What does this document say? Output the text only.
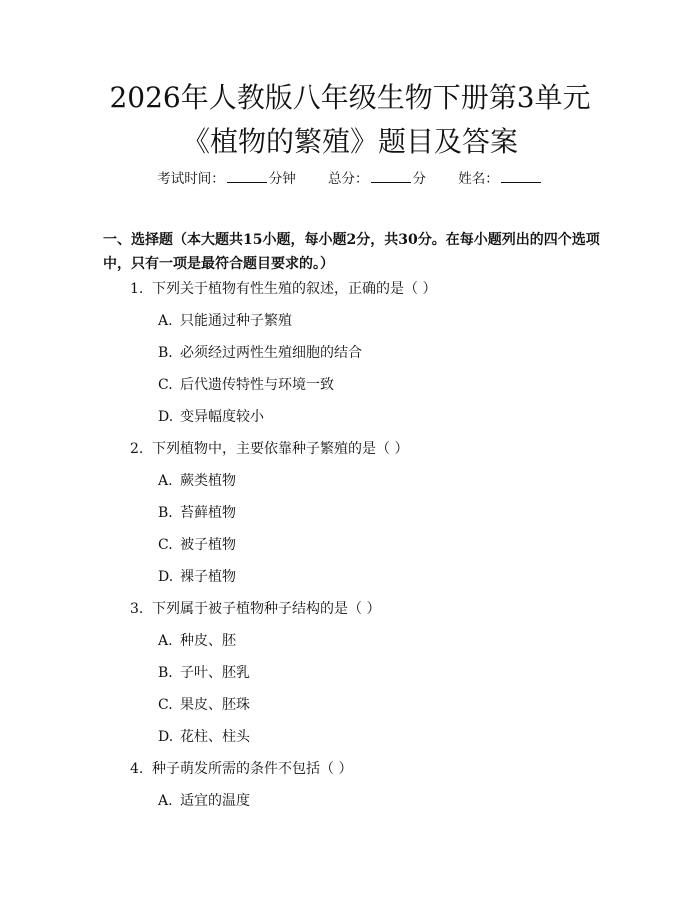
2026年人教版八年级生物下册第3单元《植物的繁殖》题目及答案
考试时间：	分钟 总分：	分 姓名：
一、选择题（本大题共15小题，每小题2分，共30分。在每小题列出的四个选项中，只有一项是最符合题目要求的。）
1. 下列关于植物有性生殖的叙述，正确的是（ ）
A. 只能通过种子繁殖
B. 必须经过两性生殖细胞的结合
C. 后代遗传特性与环境一致
D. 变异幅度较小
2. 下列植物中，主要依靠种子繁殖的是（ ）
A. 蕨类植物
B. 苔藓植物
C. 被子植物
D. 裸子植物
3. 下列属于被子植物种子结构的是（ ）
A. 种皮、胚
B. 子叶、胚乳
C. 果皮、胚珠
D. 花柱、柱头
4. 种子萌发所需的条件不包括（ ）
A. 适宜的温度
